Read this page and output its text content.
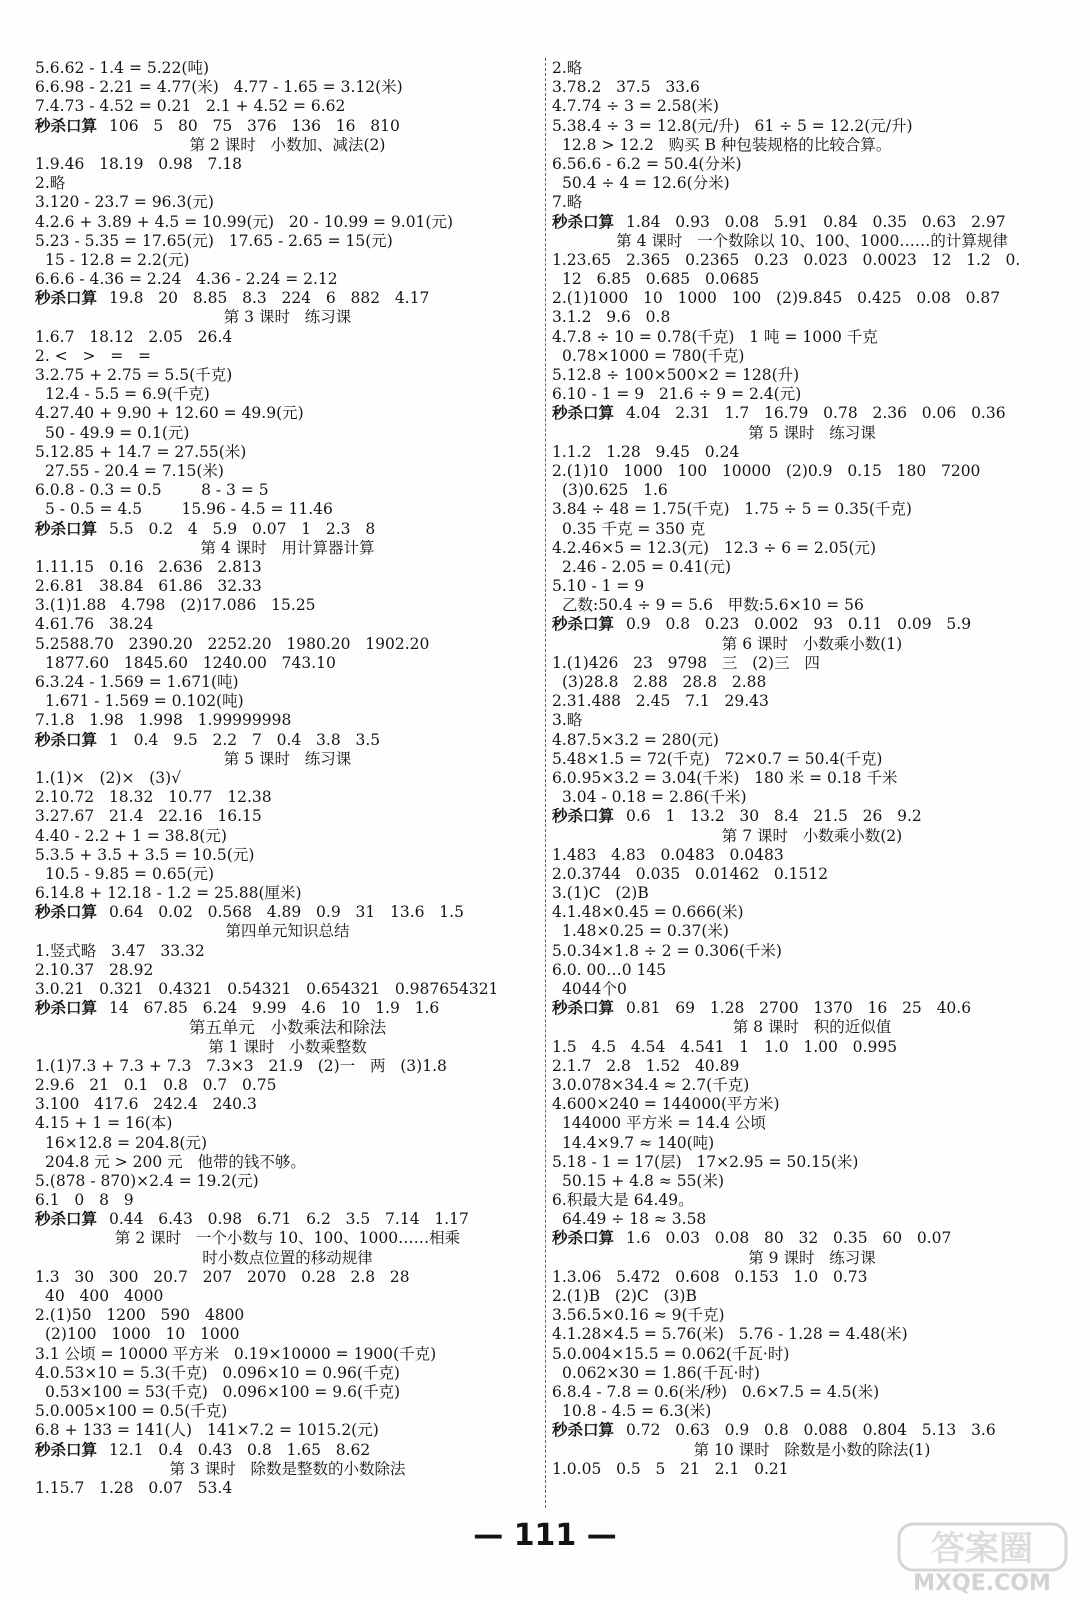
5.6.62 - 1.4 = 5.22(吨)
6.6.98 - 2.21 = 4.77(米)   4.77 - 1.65 = 3.12(米)
7.4.73 - 4.52 = 0.21   2.1 + 4.52 = 6.62
秒杀口算 106   5   80   75   376   136   16   810
第 2 课时   小数加、减法(2)
1.9.46   18.19   0.98   7.18
2.略
3.120 - 23.7 = 96.3(元)
4.2.6 + 3.89 + 4.5 = 10.99(元)   20 - 10.99 = 9.01(元)
5.23 - 5.35 = 17.65(元)   17.65 - 2.65 = 15(元)
15 - 12.8 = 2.2(元)
6.6.6 - 4.36 = 2.24   4.36 - 2.24 = 2.12
秒杀口算 19.8   20   8.85   8.3   224   6   882   4.17
第 3 课时   练习课
1.6.7   18.12   2.05   26.4
2. <   >   =   =
3.2.75 + 2.75 = 5.5(千克)
12.4 - 5.5 = 6.9(千克)
4.27.40 + 9.90 + 12.60 = 49.9(元)
50 - 49.9 = 0.1(元)
5.12.85 + 14.7 = 27.55(米)
27.55 - 20.4 = 7.15(米)
6.0.8 - 0.3 = 0.5        8 - 3 = 5
5 - 0.5 = 4.5        15.96 - 4.5 = 11.46
秒杀口算 5.5   0.2   4   5.9   0.07   1   2.3   8
第 4 课时   用计算器计算
1.11.15   0.16   2.636   2.813
2.6.81   38.84   61.86   32.33
3.(1)1.88   4.798   (2)17.086   15.25
4.61.76   38.24
5.2588.70   2390.20   2252.20   1980.20   1902.20
1877.60   1845.60   1240.00   743.10
6.3.24 - 1.569 = 1.671(吨)
1.671 - 1.569 = 0.102(吨)
7.1.8   1.98   1.998   1.99999998
秒杀口算 1   0.4   9.5   2.2   7   0.4   3.8   3.5
第 5 课时   练习课
1.(1)×   (2)×   (3)√
2.10.72   18.32   10.77   12.38
3.27.67   21.4   22.16   16.15
4.40 - 2.2 + 1 = 38.8(元)
5.3.5 + 3.5 + 3.5 = 10.5(元)
10.5 - 9.85 = 0.65(元)
6.14.8 + 12.18 - 1.2 = 25.88(厘米)
秒杀口算 0.64   0.02   0.568   4.89   0.9   31   13.6   1.5
第四单元知识总结
1.竖式略   3.47   33.32
2.10.37   28.92
3.0.21   0.321   0.4321   0.54321   0.654321   0.987654321
秒杀口算 14   67.85   6.24   9.99   4.6   10   1.9   1.6
第五单元   小数乘法和除法
第 1 课时   小数乘整数
1.(1)7.3 + 7.3 + 7.3   7.3×3   21.9   (2)一   两   (3)1.8
2.9.6   21   0.1   0.8   0.7   0.75
3.100   417.6   242.4   240.3
4.15 + 1 = 16(本)
16×12.8 = 204.8(元)
204.8 元 > 200 元   他带的钱不够。
5.(878 - 870)×2.4 = 19.2(元)
6.1   0   8   9
秒杀口算 0.44   6.43   0.98   6.71   6.2   3.5   7.14   1.17
第 2 课时   一个小数与 10、100、1000……相乘
时小数点位置的移动规律
1.3   30   300   20.7   207   2070   0.28   2.8   28
40   400   4000
2.(1)50   1200   590   4800
(2)100   1000   10   1000
3.1 公顷 = 10000 平方米   0.19×10000 = 1900(千克)
4.0.53×10 = 5.3(千克)   0.096×10 = 0.96(千克)
0.53×100 = 53(千克)   0.096×100 = 9.6(千克)
5.0.005×100 = 0.5(千克)
6.8 + 133 = 141(人)   141×7.2 = 1015.2(元)
秒杀口算 12.1   0.4   0.43   0.8   1.65   8.62
第 3 课时   除数是整数的小数除法
1.15.7   1.28   0.07   53.4
2.略
3.78.2   37.5   33.6
4.7.74 ÷ 3 = 2.58(米)
5.38.4 ÷ 3 = 12.8(元/升)   61 ÷ 5 = 12.2(元/升)
12.8 > 12.2   购买 B 种包装规格的比较合算。
6.56.6 - 6.2 = 50.4(分米)
50.4 ÷ 4 = 12.6(分米)
7.略
秒杀口算 1.84   0.93   0.08   5.91   0.84   0.35   0.63   2.97
第 4 课时   一个数除以 10、100、1000……的计算规律
1.23.65   2.365   0.2365   0.23   0.023   0.0023   12   1.2   0.
12   6.85   0.685   0.0685
2.(1)1000   10   1000   100   (2)9.845   0.425   0.08   0.87
3.1.2   9.6   0.8
4.7.8 ÷ 10 = 0.78(千克)   1 吨 = 1000 千克
0.78×1000 = 780(千克)
5.12.8 ÷ 100×500×2 = 128(升)
6.10 - 1 = 9   21.6 ÷ 9 = 2.4(元)
秒杀口算 4.04   2.31   1.7   16.79   0.78   2.36   0.06   0.36
第 5 课时   练习课
1.1.2   1.28   9.45   0.24
2.(1)10   1000   100   10000   (2)0.9   0.15   180   7200
(3)0.625   1.6
3.84 ÷ 48 = 1.75(千克)   1.75 ÷ 5 = 0.35(千克)
0.35 千克 = 350 克
4.2.46×5 = 12.3(元)   12.3 ÷ 6 = 2.05(元)
2.46 - 2.05 = 0.41(元)
5.10 - 1 = 9
乙数:50.4 ÷ 9 = 5.6   甲数:5.6×10 = 56
秒杀口算 0.9   0.8   0.23   0.002   93   0.11   0.09   5.9
第 6 课时   小数乘小数(1)
1.(1)426   23   9798   三   (2)三   四
(3)28.8   2.88   28.8   2.88
2.31.488   2.45   7.1   29.43
3.略
4.87.5×3.2 = 280(元)
5.48×1.5 = 72(千克)   72×0.7 = 50.4(千克)
6.0.95×3.2 = 3.04(千米)   180 米 = 0.18 千米
3.04 - 0.18 = 2.86(千米)
秒杀口算 0.6   1   13.2   30   8.4   21.5   26   9.2
第 7 课时   小数乘小数(2)
1.483   4.83   0.0483   0.0483
2.0.3744   0.035   0.01462   0.1512
3.(1)C   (2)B
4.1.48×0.45 = 0.666(米)
1.48×0.25 = 0.37(米)
5.0.34×1.8 ÷ 2 = 0.306(千米)
6.0. 00…0 145
4044个0
秒杀口算 0.81   69   1.28   2700   1370   16   25   40.6
第 8 课时   积的近似值
1.5   4.5   4.54   4.541   1   1.0   1.00   0.995
2.1.7   2.8   1.52   40.89
3.0.078×34.4 ≈ 2.7(千克)
4.600×240 = 144000(平方米)
144000 平方米 = 14.4 公顷
14.4×9.7 ≈ 140(吨)
5.18 - 1 = 17(层)   17×2.95 = 50.15(米)
50.15 + 4.8 ≈ 55(米)
6.积最大是 64.49。
64.49 ÷ 18 ≈ 3.58
秒杀口算 1.6   0.03   0.08   80   32   0.35   60   0.07
第 9 课时   练习课
1.3.06   5.472   0.608   0.153   1.0   0.73
2.(1)B   (2)C   (3)B
3.56.5×0.16 ≈ 9(千克)
4.1.28×4.5 = 5.76(米)   5.76 - 1.28 = 4.48(米)
5.0.004×15.5 = 0.062(千瓦·时)
0.062×30 = 1.86(千瓦·时)
6.8.4 - 7.8 = 0.6(米/秒)   0.6×7.5 = 4.5(米)
10.8 - 4.5 = 6.3(米)
秒杀口算 0.72   0.63   0.9   0.8   0.088   0.804   5.13   3.6
第 10 课时   除数是小数的除法(1)
1.0.05   0.5   5   21   2.1   0.21
— 111 —	答案圈
MXQE.COM
